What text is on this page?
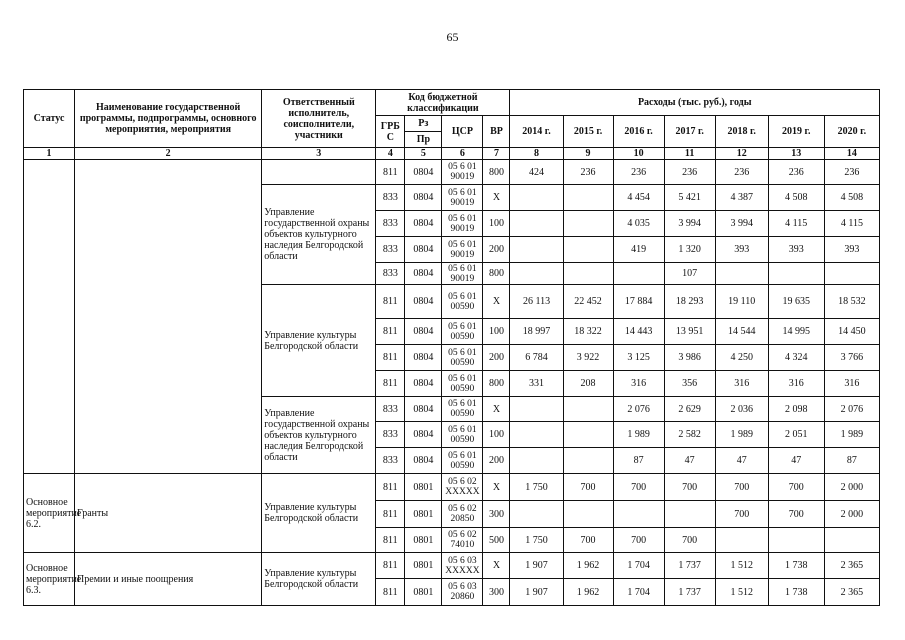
65
Статус	Наименование государственной программы, подпрограммы, основного мероприятия, мероприятия	Ответственный исполнитель, соисполнители, участники	Код бюджетной классификации				Расходы (тыс. руб.), годы						
			ГРБ С	Рз	ЦСР	ВР	2014 г.	2015 г.	2016 г.	2017 г.	2018 г.	2019 г.	2020 г.
				Пр									
1	2	3	4	5	6	7	8	9	10	11	12	13	14
			811	0804	05 6 01
90019	800	424	236	236	236	236	236	236
		Управление государственной охраны объектов культурного наследия Белгородской области	833	0804	05 6 01
90019	Х			4 454	5 421	4 387	4 508	4 508
			833	0804	05 6 01
90019	100			4 035	3 994	3 994	4 115	4 115
			833	0804	05 6 01
90019	200			419	1 320	393	393	393
			833	0804	05 6 01
90019	800				107			
		Управление культуры Белгородской области	811	0804	05 6 01
00590	Х	26 113	22 452	17 884	18 293	19 110	19 635	18 532
			811	0804	05 6 01
00590	100	18 997	18 322	14 443	13 951	14 544	14 995	14 450
			811	0804	05 6 01
00590	200	6 784	3 922	3 125	3 986	4 250	4 324	3 766
			811	0804	05 6 01
00590	800	331	208	316	356	316	316	316
		Управление государственной охраны объектов культурного наследия Белгородской области	833	0804	05 6 01
00590	Х			2 076	2 629	2 036	2 098	2 076
			833	0804	05 6 01
00590	100			1 989	2 582	1 989	2 051	1 989
			833	0804	05 6 01
00590	200			87	47	47	47	87
Основное мероприятие 6.2.	Гранты	Управление культуры Белгородской области	811	0801	05 6 02
ХХХХХ	Х	1 750	700	700	700	700	700	2 000
			811	0801	05 6 02
20850	300					700	700	2 000
			811	0801	05 6 02
74010	500	1 750	700	700	700			
Основное мероприятие 6.3.	Премии и иные поощрения	Управление культуры Белгородской области	811	0801	05 6 03
ХХХХХ	Х	1 907	1 962	1 704	1 737	1 512	1 738	2 365
			811	0801	05 6 03
20860	300	1 907	1 962	1 704	1 737	1 512	1 738	2 365
